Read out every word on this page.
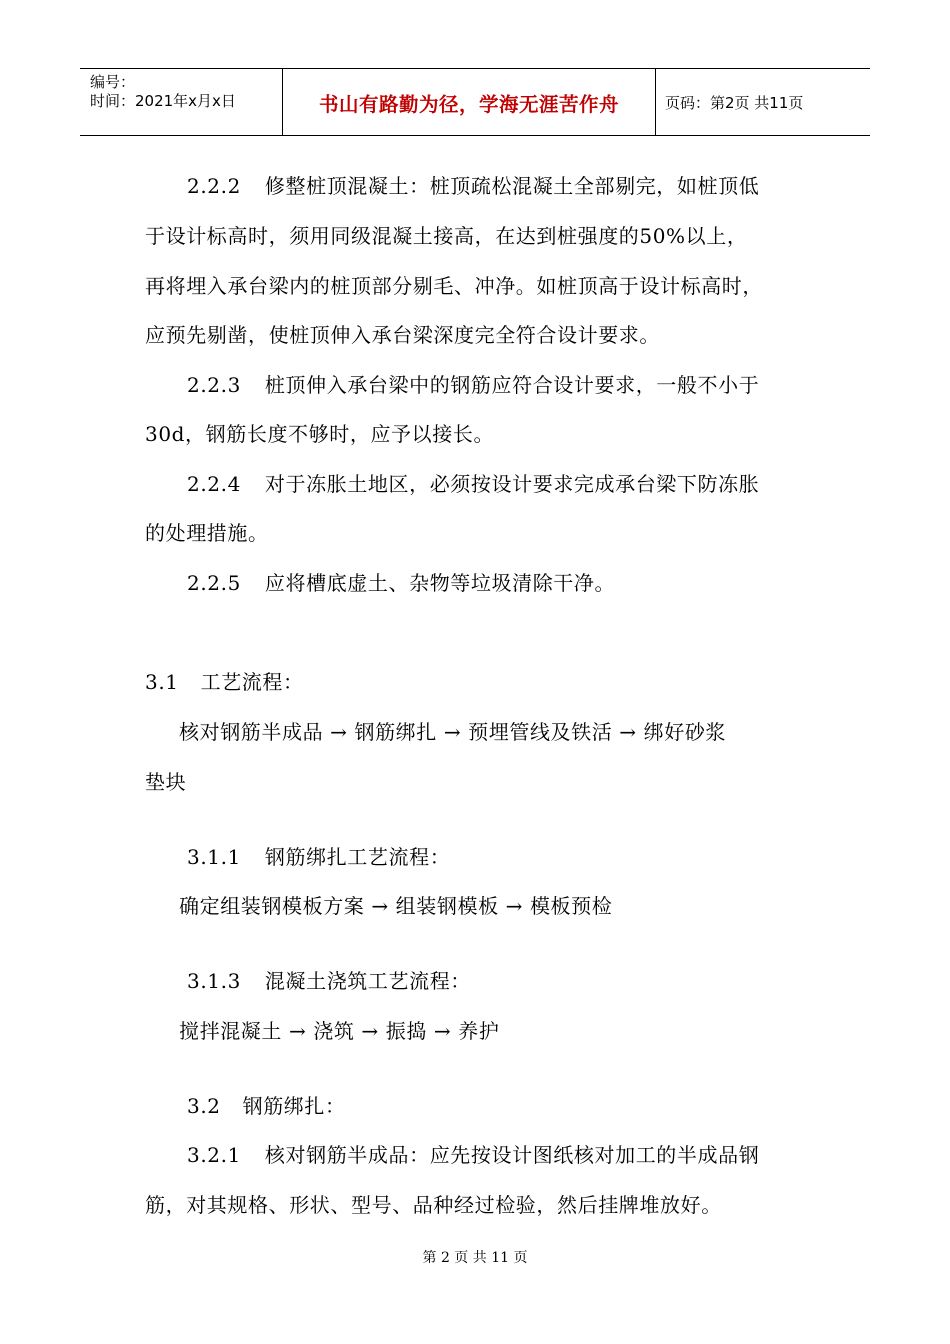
编号：
时间：2021年x月x日	书山有路勤为径，学海无涯苦作舟	页码：第2页 共11页
2.2.2 修整桩顶混凝土：桩顶疏松混凝土全部剔完，如桩顶低
于设计标高时，须用同级混凝土接高，在达到桩强度的50%以上，
再将埋入承台梁内的桩顶部分剔毛、冲净。如桩顶高于设计标高时，
应预先剔凿，使桩顶伸入承台梁深度完全符合设计要求。
2.2.3 桩顶伸入承台梁中的钢筋应符合设计要求，一般不小于
30d，钢筋长度不够时，应予以接长。
2.2.4 对于冻胀土地区，必须按设计要求完成承台梁下防冻胀
的处理措施。
2.2.5 应将槽底虚土、杂物等垃圾清除干净。
3.1 工艺流程：
核对钢筋半成品 → 钢筋绑扎 → 预埋管线及铁活 → 绑好砂浆
垫块
3.1.1 钢筋绑扎工艺流程：
确定组装钢模板方案 → 组装钢模板 → 模板预检
3.1.3 混凝土浇筑工艺流程：
搅拌混凝土 → 浇筑 → 振捣 → 养护
3.2 钢筋绑扎：
3.2.1 核对钢筋半成品：应先按设计图纸核对加工的半成品钢
筋，对其规格、形状、型号、品种经过检验，然后挂牌堆放好。
第 2 页 共 11 页
